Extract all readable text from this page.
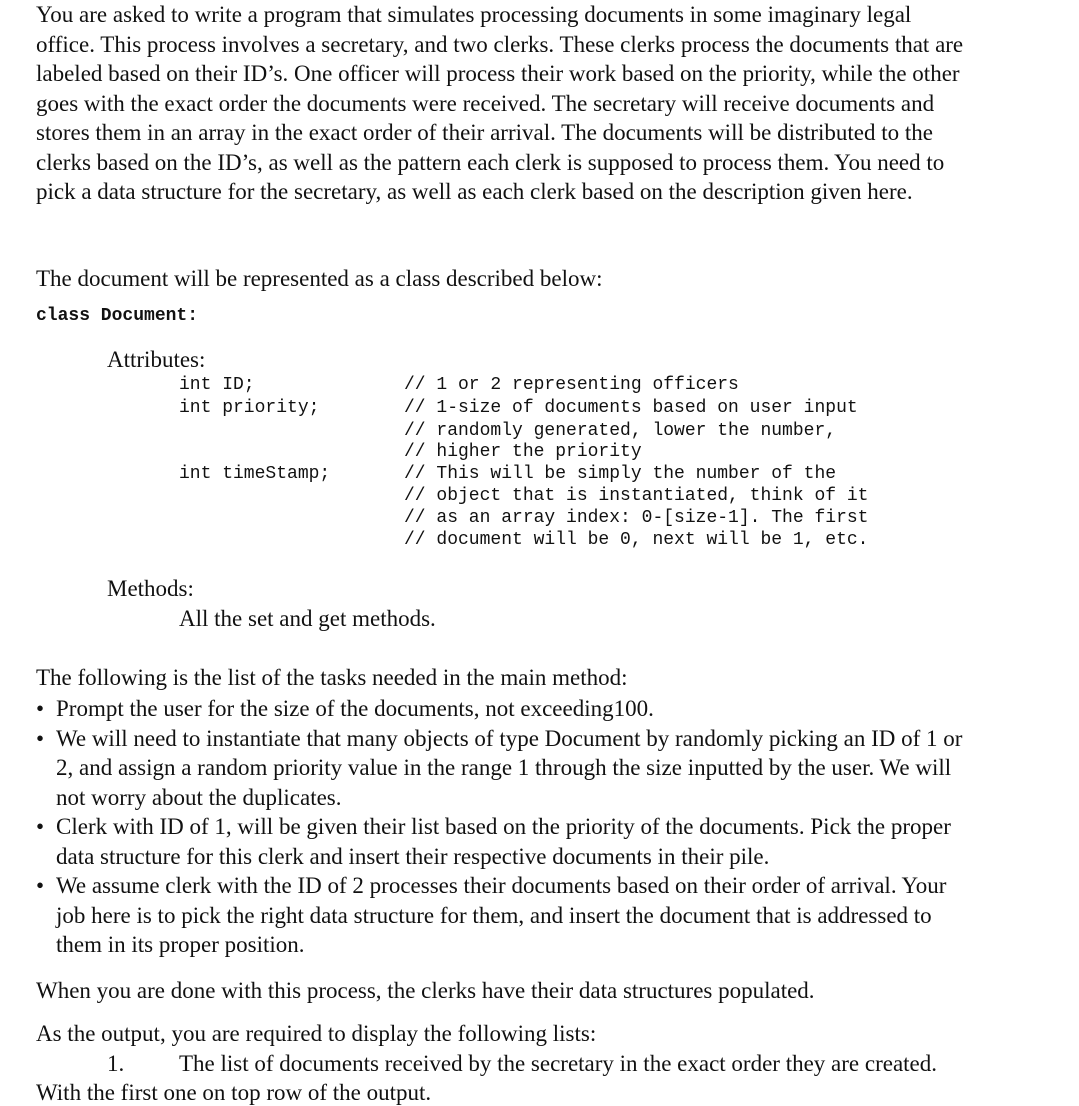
You are asked to write a program that simulates processing documents in some imaginary legal office. This process involves a secretary, and two clerks. These clerks process the documents that are labeled based on their ID’s. One officer will process their work based on the priority, while the other goes with the exact order the documents were received. The secretary will receive documents and stores them in an array in the exact order of their arrival. The documents will be distributed to the clerks based on the ID’s, as well as the pattern each clerk is supposed to process them. You need to pick a data structure for the secretary, as well as each clerk based on the description given here.

The document will be represented as a class described below:

class Document:

Attributes:

int ID;	// 1 or 2 representing officers

int priority;	// 1-size of documents based on user input

// randomly generated, lower the number,

// higher the priority

int timeStamp;	// This will be simply the number of the

// object that is instantiated, think of it

// as an array index: 0-[size-1]. The first

// document will be 0, next will be 1, etc.

Methods:

All the set and get methods.

The following is the list of the tasks needed in the main method:

• Prompt the user for the size of the documents, not exceeding100.
• We will need to instantiate that many objects of type Document by randomly picking an ID of 1 or 2, and assign a random priority value in the range 1 through the size inputted by the user. We will not worry about the duplicates.
• Clerk with ID of 1, will be given their list based on the priority of the documents. Pick the proper data structure for this clerk and insert their respective documents in their pile.
• We assume clerk with the ID of 2 processes their documents based on their order of arrival. Your job here is to pick the right data structure for them, and insert the document that is addressed to them in its proper position.

When you are done with this process, the clerks have their data structures populated.

As the output, you are required to display the following lists:

1. The list of documents received by the secretary in the exact order they are created.

With the first one on top row of the output.
